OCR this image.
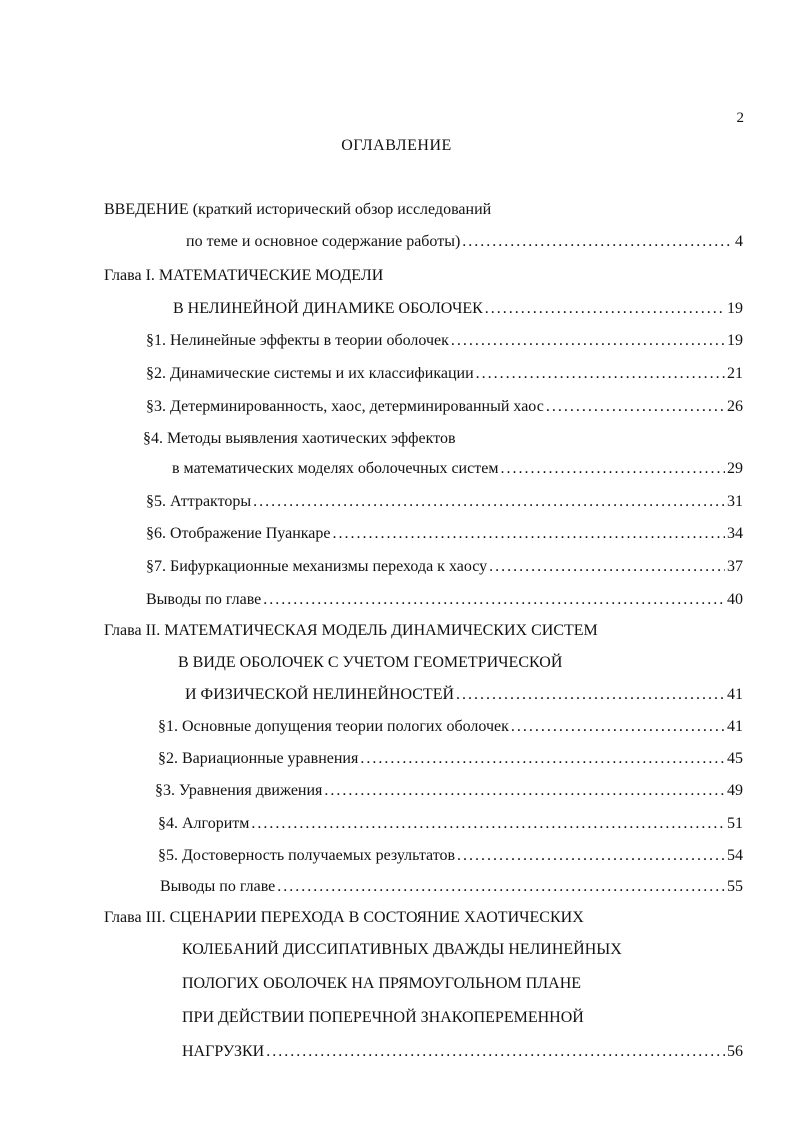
2
ОГЛАВЛЕНИЕ
ВВЕДЕНИЕ (краткий исторический обзор исследований
по теме и основное содержание работы) .....	4
Глава I. МАТЕМАТИЧЕСКИЕ МОДЕЛИ
В НЕЛИНЕЙНОЙ ДИНАМИКЕ ОБОЛОЧЕК .....	19
§1. Нелинейные эффекты в теории оболочек .....	19
§2. Динамические системы и их классификации .....	21
§3. Детерминированность, хаос, детерминированный хаос .....	26
§4. Методы выявления хаотических эффектов
в математических моделях оболочечных систем .....	29
§5. Аттракторы .....	31
§6. Отображение Пуанкаре .....	34
§7. Бифуркационные механизмы перехода к хаосу .....	37
Выводы по главе .....	40
Глава II. МАТЕМАТИЧЕСКАЯ МОДЕЛЬ ДИНАМИЧЕСКИХ СИСТЕМ
В ВИДЕ ОБОЛОЧЕК С УЧЕТОМ ГЕОМЕТРИЧЕСКОЙ
И ФИЗИЧЕСКОЙ НЕЛИНЕЙНОСТЕЙ .....	41
§1. Основные допущения теории пологих оболочек .....	41
§2. Вариационные уравнения .....	45
§3. Уравнения движения .....	49
§4. Алгоритм .....	51
§5. Достоверность получаемых результатов .....	54
Выводы по главе .....	55
Глава III. СЦЕНАРИИ ПЕРЕХОДА В СОСТОЯНИЕ ХАОТИЧЕСКИХ
КОЛЕБАНИЙ ДИССИПАТИВНЫХ ДВАЖДЫ НЕЛИНЕЙНЫХ
ПОЛОГИХ ОБОЛОЧЕК НА ПРЯМОУГОЛЬНОМ ПЛАНЕ
ПРИ ДЕЙСТВИИ ПОПЕРЕЧНОЙ ЗНАКОПЕРЕМЕННОЙ
НАГРУЗКИ .....	56
